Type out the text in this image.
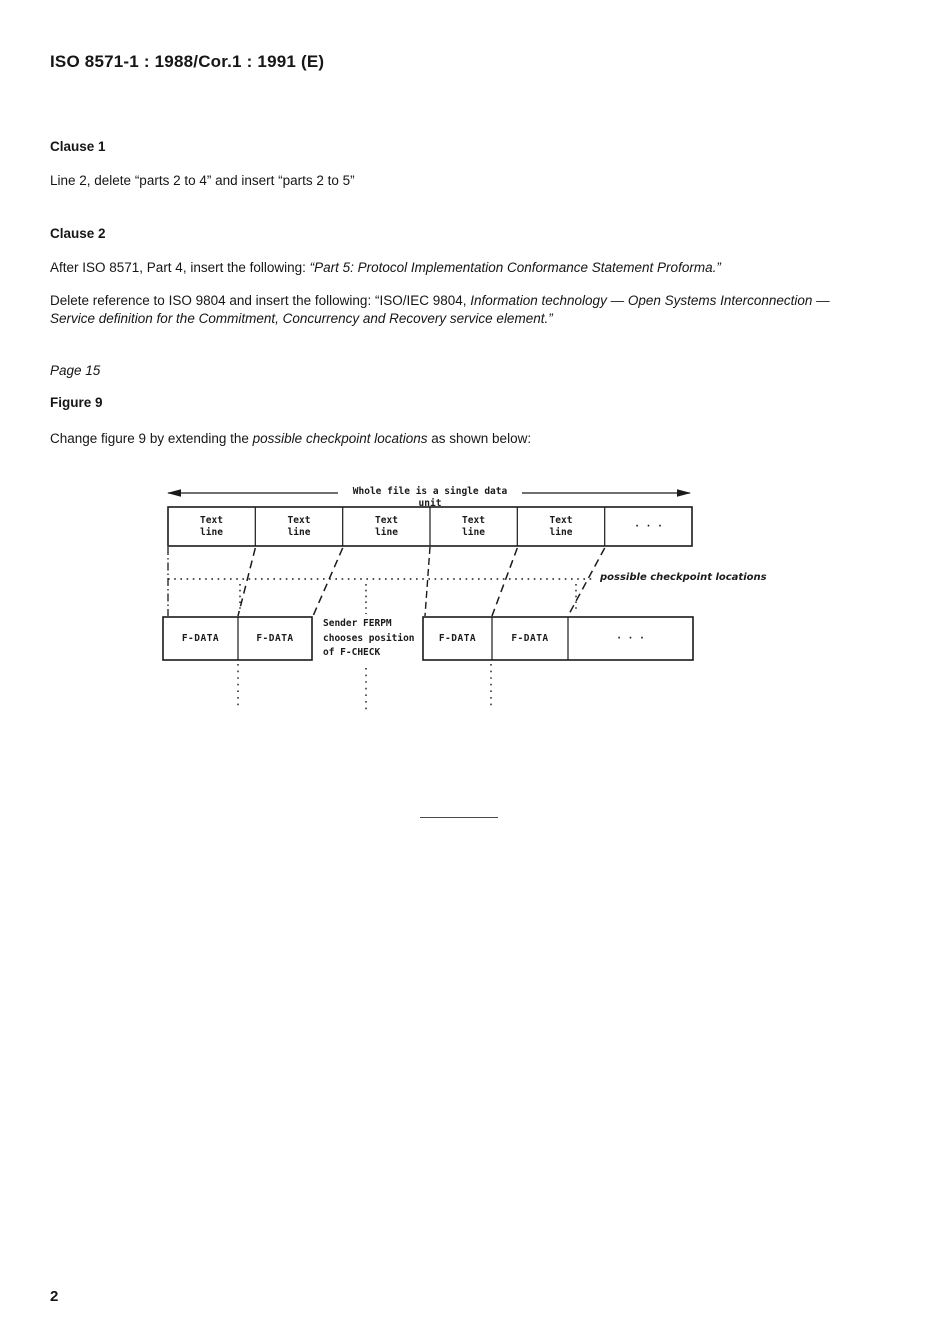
ISO 8571-1 : 1988/Cor.1 : 1991 (E)
Clause 1
Line 2, delete “parts 2 to 4” and insert “parts 2 to 5”
Clause 2
After ISO 8571, Part 4, insert the following: “Part 5: Protocol Implementation Conformance Statement Proforma.”
Delete reference to ISO 9804 and insert the following: “ISO/IEC 9804, Information technology — Open Systems Interconnection —
Service definition for the Commitment, Concurrency and Recovery service element.”
Page 15
Figure 9
Change figure 9 by extending the possible checkpoint locations as shown below:
Whole file is a single data unit
Text
line
Text
line
Text
line
Text
line
Text
line
· · ·
possible checkpoint locations
F-DATA	F-DATA
Sender FERPM
chooses position
of F-CHECK
F-DATA	F-DATA	· · ·
2
